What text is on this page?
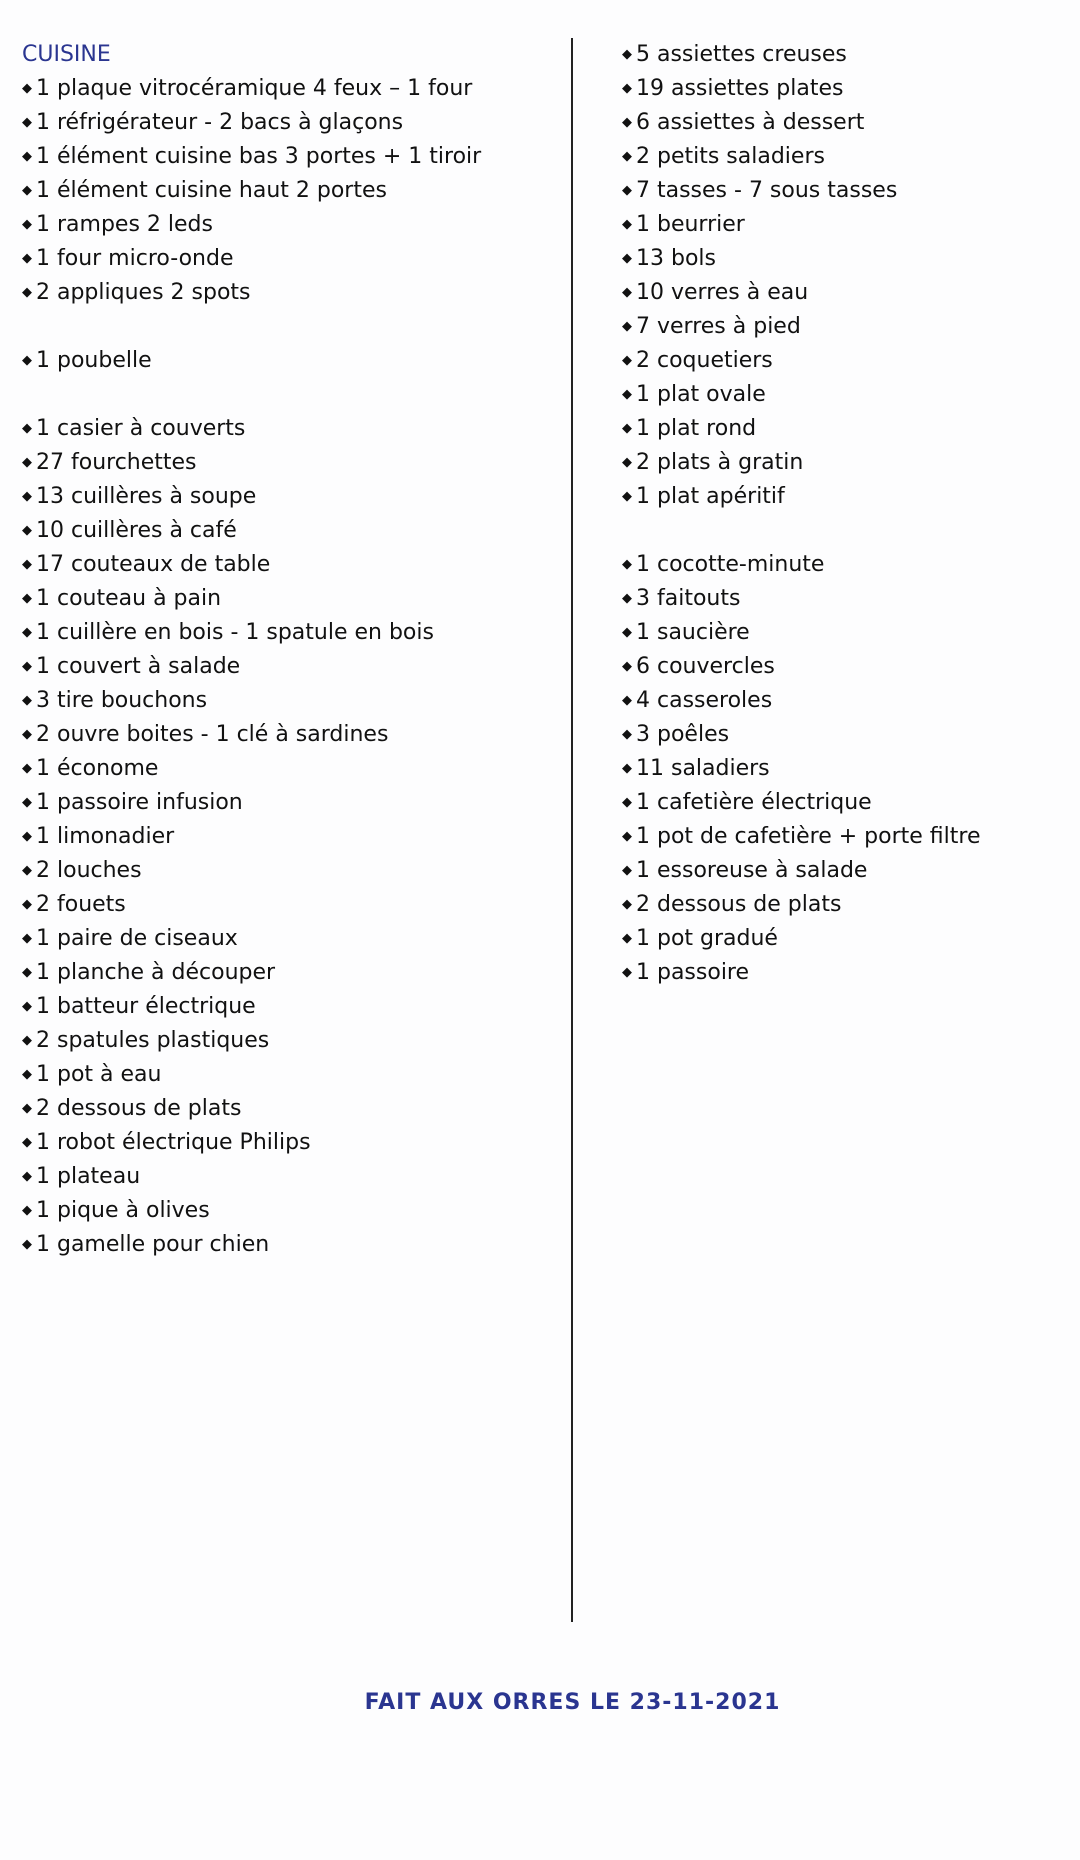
CUISINE
◆ 1 plaque vitrocéramique 4 feux – 1 four
◆ 1 réfrigérateur - 2 bacs à glaçons
◆ 1 élément cuisine bas 3 portes + 1 tiroir
◆ 1 élément cuisine haut 2 portes
◆ 1 rampes 2 leds
◆ 1 four micro-onde
◆ 2 appliques 2 spots
◆ 1 poubelle
◆ 1 casier à couverts
◆ 27 fourchettes
◆ 13 cuillères à soupe
◆ 10 cuillères à café
◆ 17 couteaux de table
◆ 1 couteau à pain
◆ 1 cuillère en bois - 1 spatule en bois
◆ 1 couvert à salade
◆ 3 tire bouchons
◆ 2 ouvre boites - 1 clé à sardines
◆ 1 économe
◆ 1 passoire infusion
◆ 1 limonadier
◆ 2 louches
◆ 2 fouets
◆ 1 paire de ciseaux
◆ 1 planche à découper
◆ 1 batteur électrique
◆ 2 spatules plastiques
◆ 1 pot à eau
◆ 2 dessous de plats
◆ 1 robot électrique Philips
◆ 1 plateau
◆ 1 pique à olives
◆ 1 gamelle pour chien
◆ 5 assiettes creuses
◆ 19 assiettes plates
◆ 6 assiettes à dessert
◆ 2 petits saladiers
◆ 7 tasses - 7 sous tasses
◆ 1 beurrier
◆ 13 bols
◆ 10 verres à eau
◆ 7 verres à pied
◆ 2 coquetiers
◆ 1 plat ovale
◆ 1 plat rond
◆ 2 plats à gratin
◆ 1 plat apéritif
◆ 1 cocotte-minute
◆ 3 faitouts
◆ 1 saucière
◆ 6 couvercles
◆ 4 casseroles
◆ 3 poêles
◆ 11 saladiers
◆ 1 cafetière électrique
◆ 1 pot de cafetière + porte filtre
◆ 1 essoreuse à salade
◆ 2 dessous de plats
◆ 1 pot gradué
◆ 1 passoire
FAIT AUX ORRES LE 23-11-2021
